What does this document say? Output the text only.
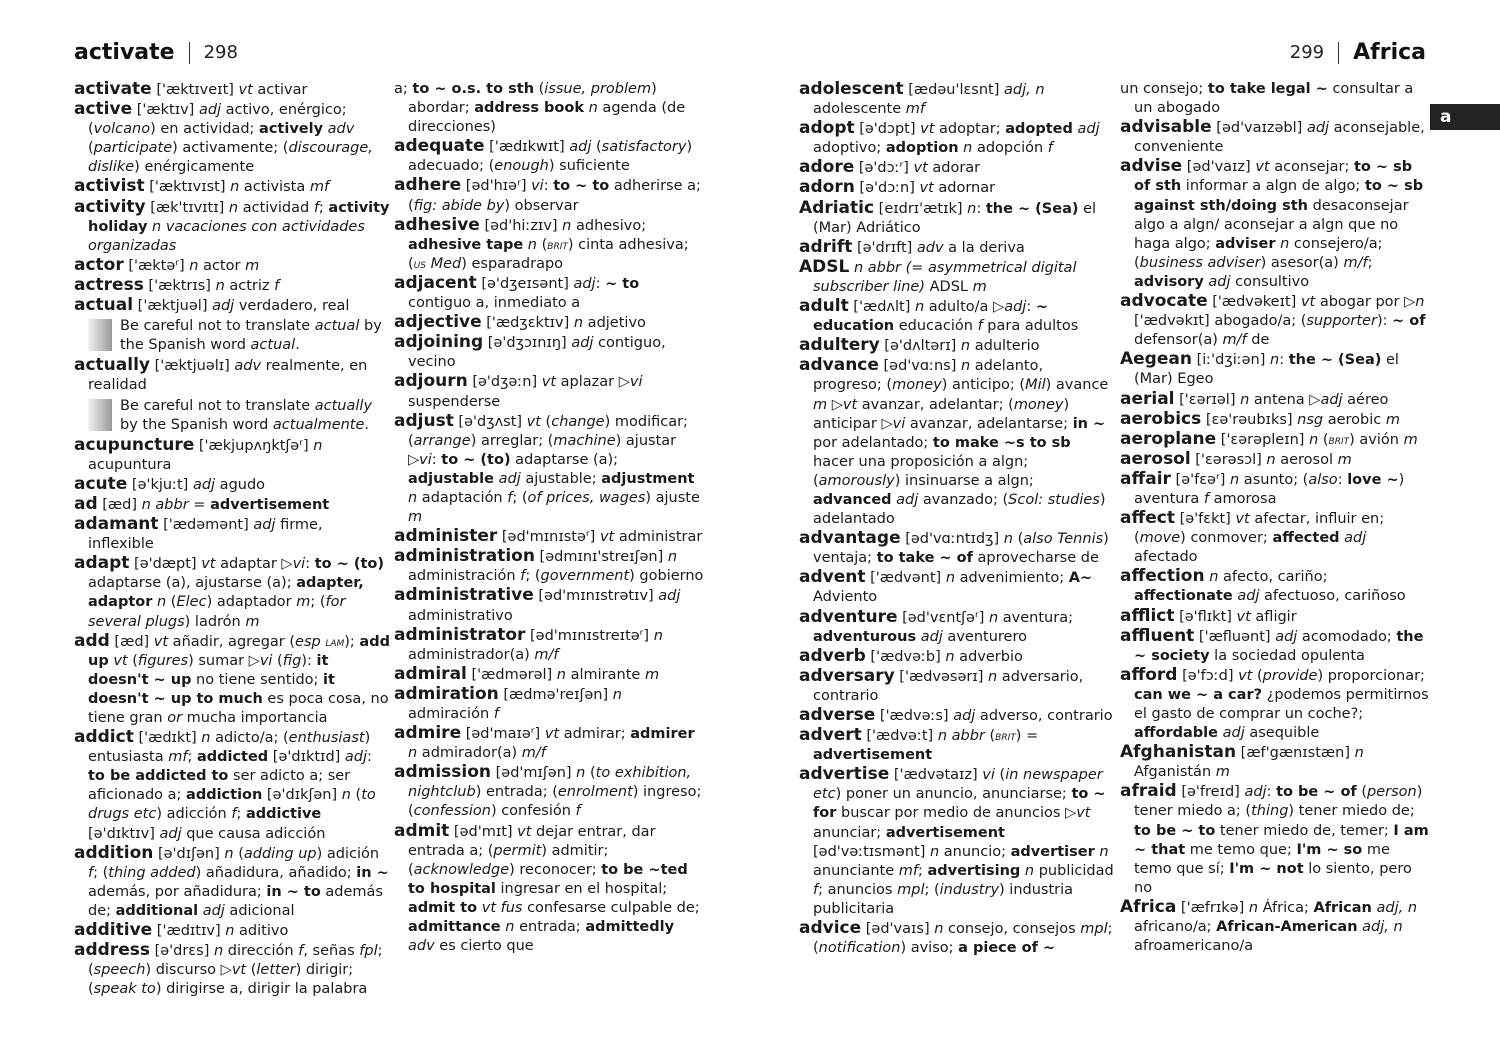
activate 298	299 Africa
a

activate ['æktɪveɪt] vt activar

active ['æktɪv] adj activo, enérgico; (volcano) en actividad; actively adv (participate) activamente; (discourage, dislike) enérgicamente

activist ['æktɪvɪst] n activista mf

activity [æk'tɪvɪtɪ] n actividad f; activity holiday n vacaciones con actividades organizadas

actor ['æktəʳ] n actor m

actress ['æktrɪs] n actriz f

actual ['æktjuəl] adj verdadero, real

Be careful not to translate actual by the Spanish word actual.

actually ['æktjuəlɪ] adv realmente, en realidad

Be careful not to translate actually by the Spanish word actualmente.

acupuncture ['ækjupʌŋktʃəʳ] n acupuntura

acute [ə'kjuːt] adj agudo

ad [æd] n abbr = advertisement

adamant ['ædəmənt] adj firme, inflexible

adapt [ə'dæpt] vt adaptar ▷vi: to ~ (to) adaptarse (a), ajustarse (a); adapter, adaptor n (Elec) adaptador m; (for several plugs) ladrón m

add [æd] vt añadir, agregar (esp lam); add up vt (figures) sumar ▷vi (fig): it doesn't ~ up no tiene sentido; it doesn't ~ up to much es poca cosa, no tiene gran or mucha importancia

addict ['ædɪkt] n adicto/a; (enthusiast) entusiasta mf; addicted [ə'dɪktɪd] adj: to be addicted to ser adicto a; ser aficionado a; addiction [ə'dɪkʃən] n (to drugs etc) adicción f; addictive [ə'dɪktɪv] adj que causa adicción

addition [ə'dɪʃən] n (adding up) adición f; (thing added) añadidura, añadido; in ~ además, por añadidura; in ~ to además de; additional adj adicional

additive ['ædɪtɪv] n aditivo

address [ə'drɛs] n dirección f, señas fpl; (speech) discurso ▷vt (letter) dirigir; (speak to) dirigirse a, dirigir la palabra

a; to ~ o.s. to sth (issue, problem) abordar; address book n agenda (de direcciones)

adequate ['ædɪkwɪt] adj (satisfactory) adecuado; (enough) suficiente

adhere [əd'hɪəʳ] vi: to ~ to adherirse a; (fig: abide by) observar

adhesive [əd'hiːzɪv] n adhesivo; adhesive tape n (brit) cinta adhesiva; (us Med) esparadrapo

adjacent [ə'dʒeɪsənt] adj: ~ to contiguo a, inmediato a

adjective ['ædʒɛktɪv] n adjetivo

adjoining [ə'dʒɔɪnɪŋ] adj contiguo, vecino

adjourn [ə'dʒəːn] vt aplazar ▷vi suspenderse

adjust [ə'dʒʌst] vt (change) modificar; (arrange) arreglar; (machine) ajustar ▷vi: to ~ (to) adaptarse (a); adjustable adj ajustable; adjustment n adaptación f; (of prices, wages) ajuste m

administer [əd'mɪnɪstəʳ] vt administrar

administration [ədmɪnɪ'streɪʃən] n administración f; (government) gobierno

administrative [əd'mɪnɪstrətɪv] adj administrativo

administrator [əd'mɪnɪstreɪtəʳ] n administrador(a) m/f

admiral ['ædmərəl] n almirante m

admiration [ædmə'reɪʃən] n admiración f

admire [əd'maɪəʳ] vt admirar; admirer n admirador(a) m/f

admission [əd'mɪʃən] n (to exhibition, nightclub) entrada; (enrolment) ingreso; (confession) confesión f

admit [əd'mɪt] vt dejar entrar, dar entrada a; (permit) admitir; (acknowledge) reconocer; to be ~ted to hospital ingresar en el hospital; admit to vt fus confesarse culpable de; admittance n entrada; admittedly adv es cierto que

adolescent [ædəu'lɛsnt] adj, n adolescente mf

adopt [ə'dɔpt] vt adoptar; adopted adj adoptivo; adoption n adopción f

adore [ə'dɔːʳ] vt adorar

adorn [ə'dɔːn] vt adornar

Adriatic [eɪdrɪ'ætɪk] n: the ~ (Sea) el (Mar) Adriático

adrift [ə'drɪft] adv a la deriva

ADSL n abbr (= asymmetrical digital subscriber line) ADSL m

adult ['ædʌlt] n adulto/a ▷adj: ~ education educación f para adultos

adultery [ə'dʌltərɪ] n adulterio

advance [əd'vɑːns] n adelanto, progreso; (money) anticipo; (Mil) avance m ▷vt avanzar, adelantar; (money) anticipar ▷vi avanzar, adelantarse; in ~ por adelantado; to make ~s to sb hacer una proposición a algn; (amorously) insinuarse a algn; advanced adj avanzado; (Scol: studies) adelantado

advantage [əd'vɑːntɪdʒ] n (also Tennis) ventaja; to take ~ of aprovecharse de

advent ['ædvənt] n advenimiento; A~ Adviento

adventure [əd'vɛntʃəʳ] n aventura; adventurous adj aventurero

adverb ['ædvəːb] n adverbio

adversary ['ædvəsərɪ] n adversario, contrario

adverse ['ædvəːs] adj adverso, contrario

advert ['ædvəːt] n abbr (brit) = advertisement

advertise ['ædvətaɪz] vi (in newspaper etc) poner un anuncio, anunciarse; to ~ for buscar por medio de anuncios ▷vt anunciar; advertisement [əd'vəːtɪsmənt] n anuncio; advertiser n anunciante mf; advertising n publicidad f; anuncios mpl; (industry) industria publicitaria

advice [əd'vaɪs] n consejo, consejos mpl; (notification) aviso; a piece of ~

un consejo; to take legal ~ consultar a un abogado

advisable [əd'vaɪzəbl] adj aconsejable, conveniente

advise [əd'vaɪz] vt aconsejar; to ~ sb of sth informar a algn de algo; to ~ sb against sth/doing sth desaconsejar algo a algn/ aconsejar a algn que no haga algo; adviser n consejero/a; (business adviser) asesor(a) m/f; advisory adj consultivo

advocate ['ædvəkeɪt] vt abogar por ▷n ['ædvəkɪt] abogado/a; (supporter): ~ of defensor(a) m/f de

Aegean [iː'dʒiːən] n: the ~ (Sea) el (Mar) Egeo

aerial ['ɛərɪəl] n antena ▷adj aéreo

aerobics [ɛə'rəubɪks] nsg aerobic m

aeroplane ['ɛərəpleɪn] n (brit) avión m

aerosol ['ɛərəsɔl] n aerosol m

affair [ə'fɛəʳ] n asunto; (also: love ~) aventura f amorosa

affect [ə'fɛkt] vt afectar, influir en; (move) conmover; affected adj afectado

affection n afecto, cariño; affectionate adj afectuoso, cariñoso

afflict [ə'flɪkt] vt afligir

affluent ['æfluənt] adj acomodado; the ~ society la sociedad opulenta

afford [ə'fɔːd] vt (provide) proporcionar; can we ~ a car? ¿podemos permitirnos el gasto de comprar un coche?; affordable adj asequible

Afghanistan [æf'gænɪstæn] n Afganistán m

afraid [ə'freɪd] adj: to be ~ of (person) tener miedo a; (thing) tener miedo de; to be ~ to tener miedo de, temer; I am ~ that me temo que; I'm ~ so me temo que sí; I'm ~ not lo siento, pero no

Africa ['æfrɪkə] n África; African adj, n africano/a; African-American adj, n afroamericano/a
